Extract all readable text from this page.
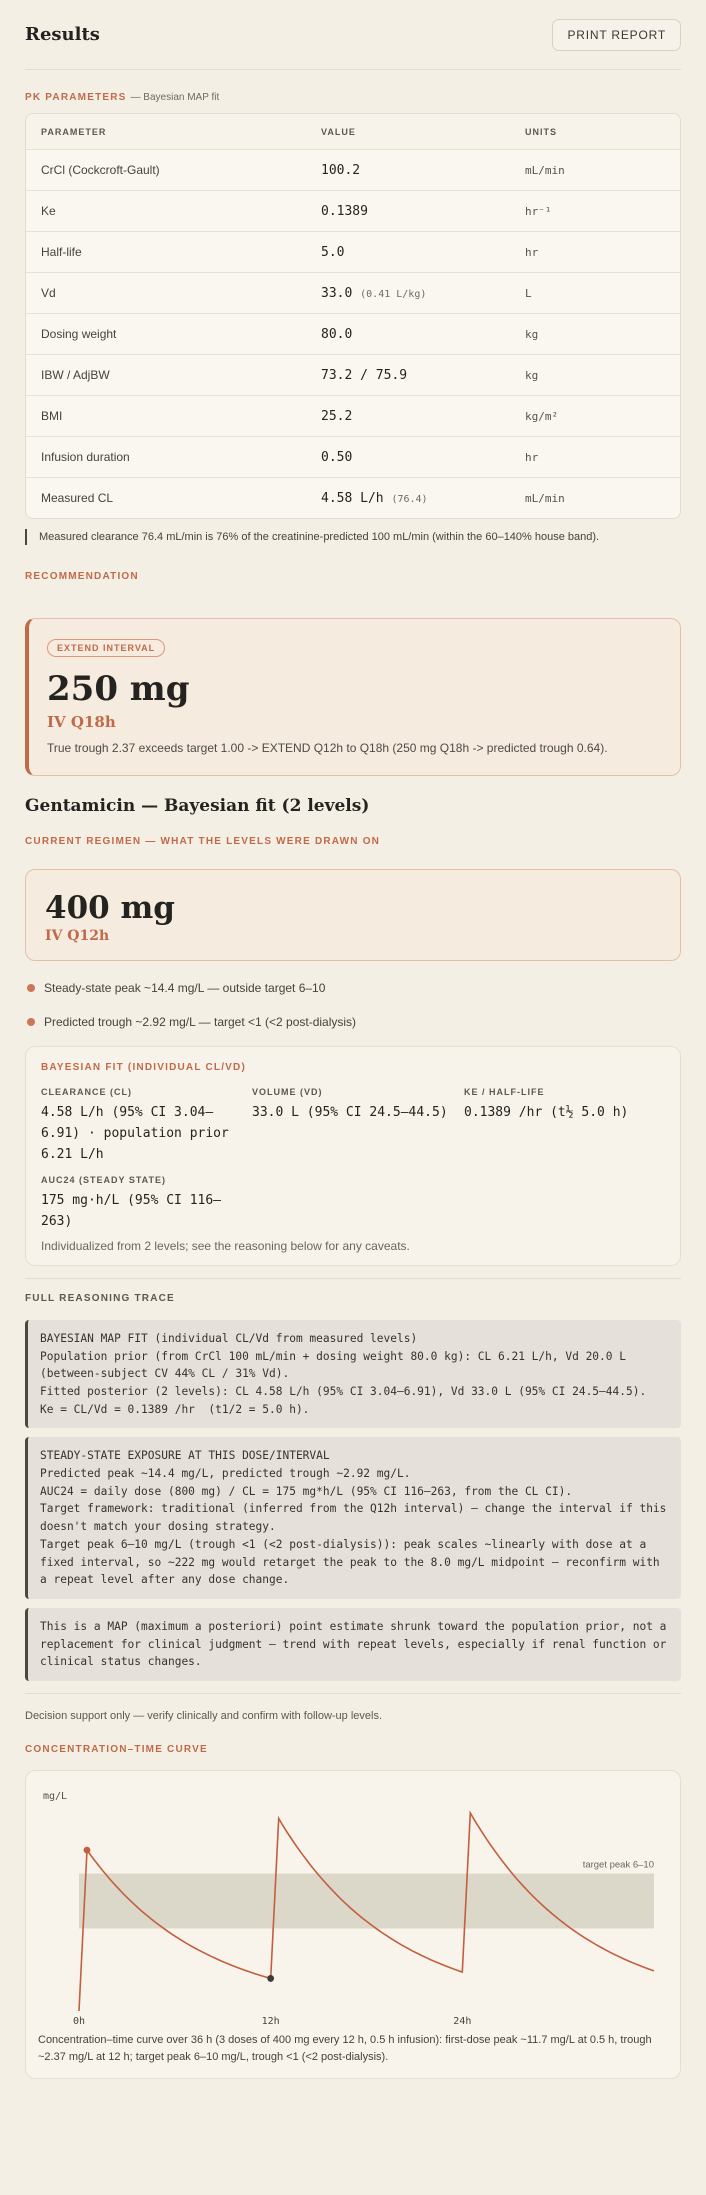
Results	PRINT REPORT
PK PARAMETERS — Bayesian MAP fit
PARAMETER	VALUE	UNITS
CrCl (Cockcroft-Gault)	100.2	mL/min
Ke	0.1389	hr⁻¹
Half-life	5.0	hr
Vd	33.0 (0.41 L/kg)	L
Dosing weight	80.0	kg
IBW / AdjBW	73.2 / 75.9	kg
BMI	25.2	kg/m²
Infusion duration	0.50	hr
Measured CL	4.58 L/h (76.4)	mL/min
Measured clearance 76.4 mL/min is 76% of the creatinine-predicted 100 mL/min (within the 60–140% house band).
RECOMMENDATION
EXTEND INTERVAL
250 mg
IV Q18h
True trough 2.37 exceeds target 1.00 -> EXTEND Q12h to Q18h (250 mg Q18h -> predicted trough 0.64).
Gentamicin — Bayesian fit (2 levels)
CURRENT REGIMEN — WHAT THE LEVELS WERE DRAWN ON
400 mg
IV Q12h
Steady-state peak ~14.4 mg/L — outside target 6–10
Predicted trough ~2.92 mg/L — target <1 (<2 post-dialysis)
BAYESIAN FIT (INDIVIDUAL CL/VD)
CLEARANCE (CL)
4.58 L/h (95% CI 3.04–6.91) · population prior 6.21 L/h
VOLUME (VD)
33.0 L (95% CI 24.5–44.5)
KE / HALF-LIFE
0.1389 /hr (t½ 5.0 h)
AUC24 (STEADY STATE)
175 mg·h/L (95% CI 116–263)
Individualized from 2 levels; see the reasoning below for any caveats.
FULL REASONING TRACE
BAYESIAN MAP FIT (individual CL/Vd from measured levels)
Population prior (from CrCl 100 mL/min + dosing weight 80.0 kg): CL 6.21 L/h, Vd 20.0 L (between-subject CV 44% CL / 31% Vd).
Fitted posterior (2 levels): CL 4.58 L/h (95% CI 3.04–6.91), Vd 33.0 L (95% CI 24.5–44.5).
Ke = CL/Vd = 0.1389 /hr  (t1/2 = 5.0 h).
STEADY-STATE EXPOSURE AT THIS DOSE/INTERVAL
Predicted peak ~14.4 mg/L, predicted trough ~2.92 mg/L.
AUC24 = daily dose (800 mg) / CL = 175 mg*h/L (95% CI 116–263, from the CL CI).
Target framework: traditional (inferred from the Q12h interval) — change the interval if this doesn't match your dosing strategy.
Target peak 6–10 mg/L (trough <1 (<2 post-dialysis)): peak scales ~linearly with dose at a fixed interval, so ~222 mg would retarget the peak to the 8.0 mg/L midpoint — reconfirm with a repeat level after any dose change.
This is a MAP (maximum a posteriori) point estimate shrunk toward the population prior, not a replacement for clinical judgment — trend with repeat levels, especially if renal function or clinical status changes.
Decision support only — verify clinically and confirm with follow-up levels.
CONCENTRATION–TIME CURVE
mg/L
target peak 6–10
0h	12h	24h
Concentration–time curve over 36 h (3 doses of 400 mg every 12 h, 0.5 h infusion): first-dose peak ~11.7 mg/L at 0.5 h, trough ~2.37 mg/L at 12 h; target peak 6–10 mg/L, trough <1 (<2 post-dialysis).
